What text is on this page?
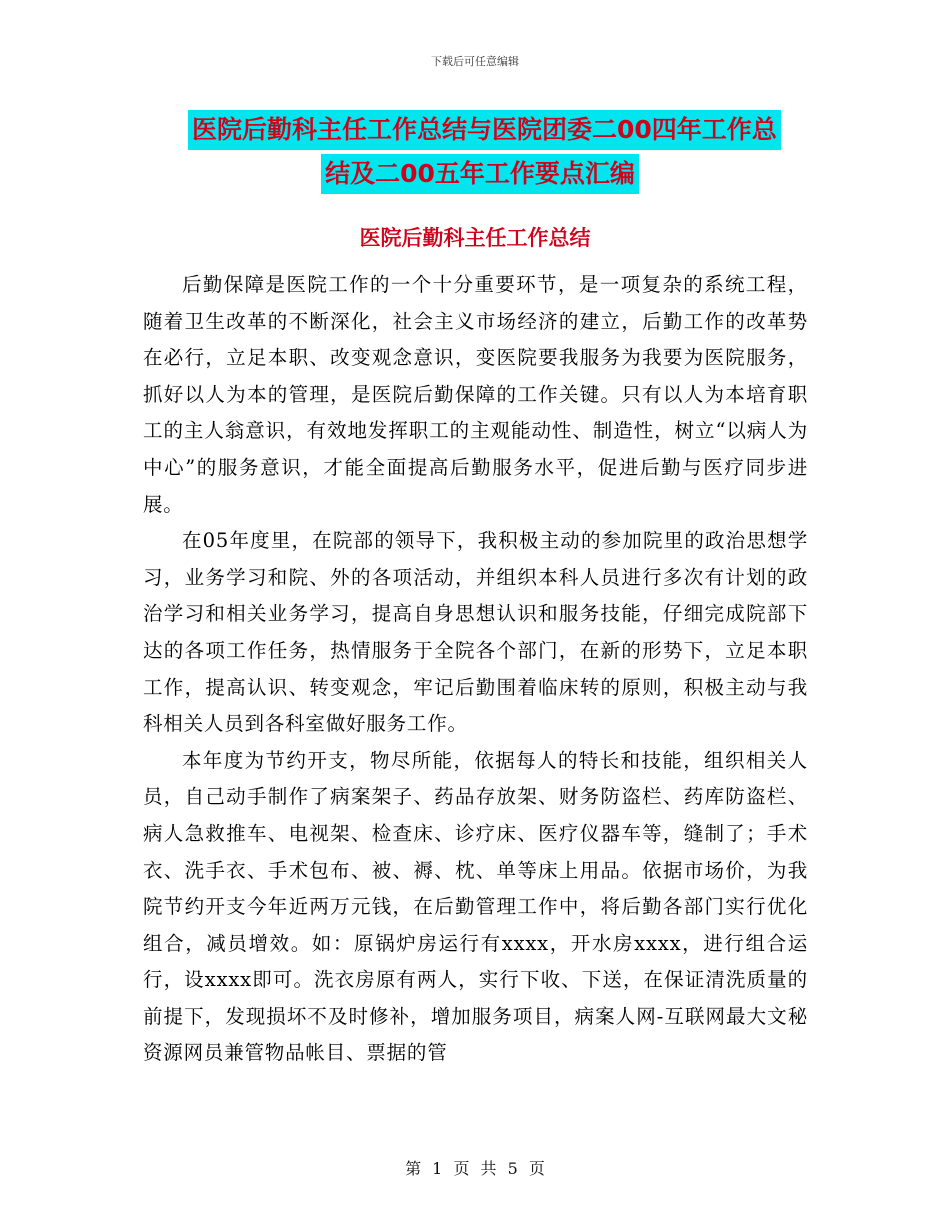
下载后可任意编辑
医院后勤科主任工作总结与医院团委二00四年工作总
结及二00五年工作要点汇编
医院后勤科主任工作总结

后勤保障是医院工作的一个十分重要环节，是一项复杂的系统工程，随着卫生改革的不断深化，社会主义市场经济的建立，后勤工作的改革势在必行，立足本职、改变观念意识，变医院要我服务为我要为医院服务，抓好以人为本的管理，是医院后勤保障的工作关键。只有以人为本培育职工的主人翁意识，有效地发挥职工的主观能动性、制造性，树立“以病人为中心”的服务意识，才能全面提高后勤服务水平，促进后勤与医疗同步进展。

在05年度里，在院部的领导下，我积极主动的参加院里的政治思想学习，业务学习和院、外的各项活动，并组织本科人员进行多次有计划的政治学习和相关业务学习，提高自身思想认识和服务技能，仔细完成院部下达的各项工作任务，热情服务于全院各个部门，在新的形势下，立足本职工作，提高认识、转变观念，牢记后勤围着临床转的原则，积极主动与我科相关人员到各科室做好服务工作。

本年度为节约开支，物尽所能，依据每人的特长和技能，组织相关人员，自己动手制作了病案架子、药品存放架、财务防盗栏、药库防盗栏、病人急救推车、电视架、检查床、诊疗床、医疗仪器车等，缝制了；手术衣、洗手衣、手术包布、被、褥、枕、单等床上用品。依据市场价，为我院节约开支今年近两万元钱，在后勤管理工作中，将后勤各部门实行优化组合，减员增效。如：原锅炉房运行有xxxx，开水房xxxx，进行组合运行，设xxxx即可。洗衣房原有两人，实行下收、下送，在保证清洗质量的前提下，发现损坏不及时修补，增加服务项目，病案人网-互联网最大文秘资源网员兼管物品帐目、票据的管

第 1 页 共 5 页
